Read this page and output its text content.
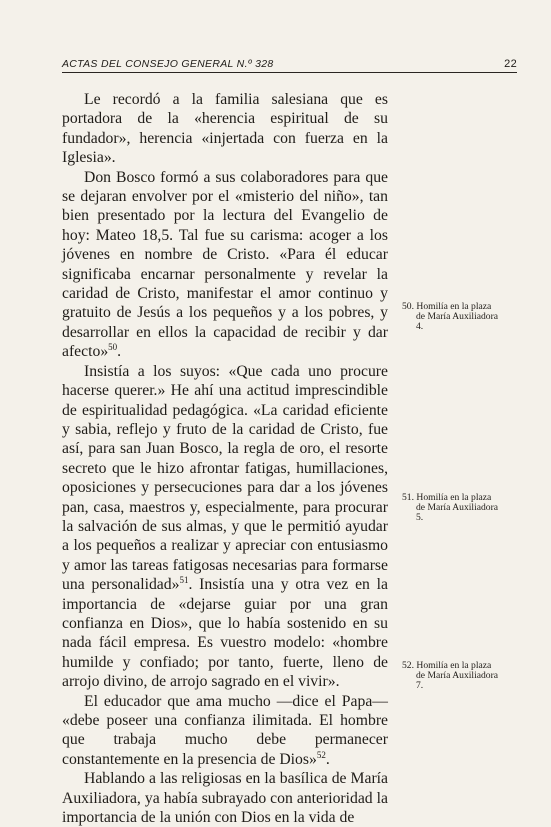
ACTAS DEL CONSEJO GENERAL N.º 328	22

Le recordó a la familia salesiana que es portadora de la «herencia espiritual de su fundador», herencia «injertada con fuerza en la Iglesia».

Don Bosco formó a sus colaboradores para que se dejaran envolver por el «misterio del niño», tan bien presentado por la lectura del Evangelio de hoy: Mateo 18,5. Tal fue su carisma: acoger a los jóvenes en nombre de Cristo. «Para él educar significaba encarnar personalmente y revelar la caridad de Cristo, manifestar el amor continuo y gratuito de Jesús a los pequeños y a los pobres, y desarrollar en ellos la capacidad de recibir y dar afecto»$^{50}$.

Insistía a los suyos: «Que cada uno procure hacerse querer.» He ahí una actitud imprescindible de espiritualidad pedagógica. «La caridad eficiente y sabia, reflejo y fruto de la caridad de Cristo, fue así, para san Juan Bosco, la regla de oro, el resorte secreto que le hizo afrontar fatigas, humillaciones, oposiciones y persecuciones para dar a los jóvenes pan, casa, maestros y, especialmente, para procurar la salvación de sus almas, y que le permitió ayudar a los pequeños a realizar y apreciar con entusiasmo y amor las tareas fatigosas necesarias para formarse una personalidad»$^{51}$. Insistía una y otra vez en la importancia de «dejarse guiar por una gran confianza en Dios», que lo había sostenido en su nada fácil empresa. Es vuestro modelo: «hombre humilde y confiado; por tanto, fuerte, lleno de arrojo divino, de arrojo sagrado en el vivir».

El educador que ama mucho —dice el Papa— «debe poseer una confianza ilimitada. El hombre que trabaja mucho debe permanecer constantemente en la presencia de Dios»$^{52}$.

Hablando a las religiosas en la basílica de María Auxiliadora, ya había subrayado con anterioridad la importancia de la unión con Dios en la vida de

50. Homilía en la plaza
de María Auxiliadora
4.
51. Homilía en la plaza
de María Auxiliadora
5.
52. Homilía en la plaza
de María Auxiliadora
7.
